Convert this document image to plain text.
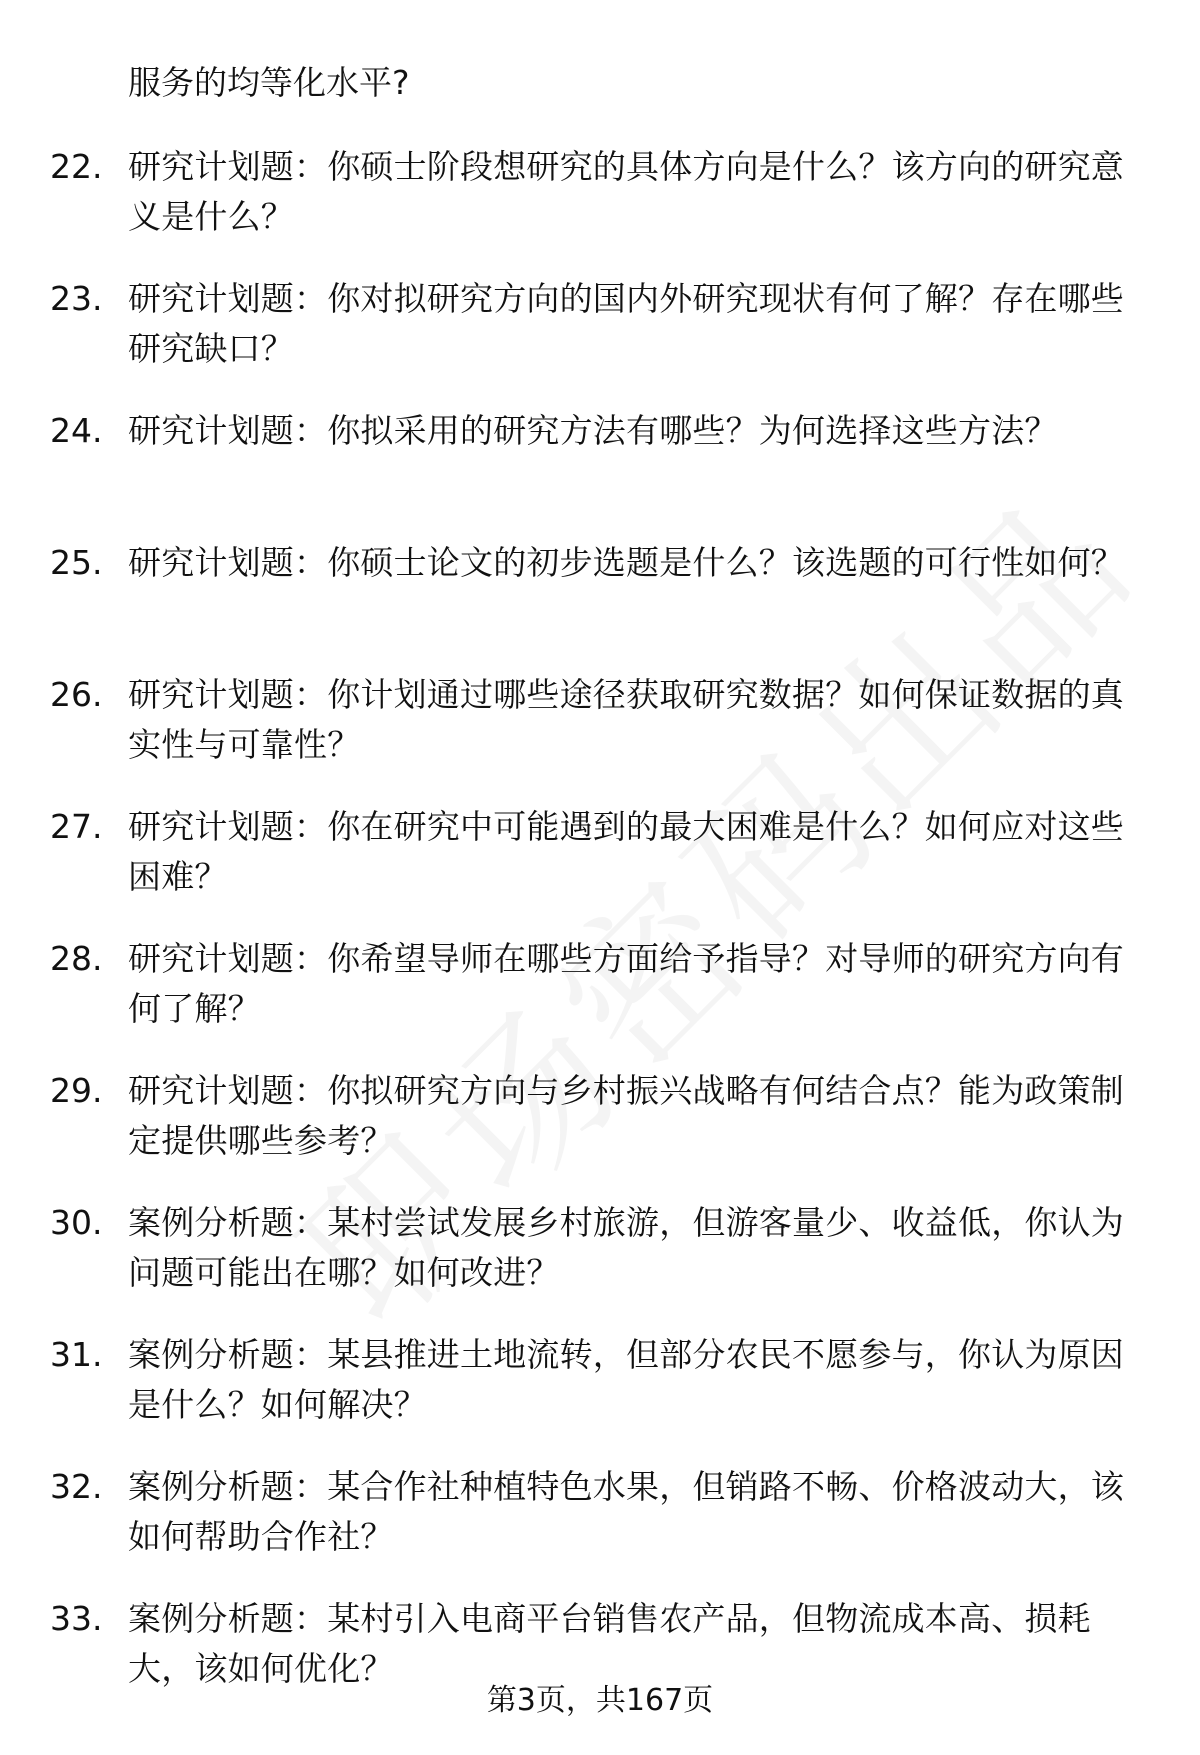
服务的均等化水平?
22. 研究计划题：你硕士阶段想研究的具体方向是什么？该方向的研究意义是什么？
23. 研究计划题：你对拟研究方向的国内外研究现状有何了解？存在哪些研究缺口？
24. 研究计划题：你拟采用的研究方法有哪些？为何选择这些方法？
25. 研究计划题：你硕士论文的初步选题是什么？该选题的可行性如何？
26. 研究计划题：你计划通过哪些途径获取研究数据？如何保证数据的真实性与可靠性？
27. 研究计划题：你在研究中可能遇到的最大困难是什么？如何应对这些困难？
28. 研究计划题：你希望导师在哪些方面给予指导？对导师的研究方向有何了解？
29. 研究计划题：你拟研究方向与乡村振兴战略有何结合点？能为政策制定提供哪些参考？
30. 案例分析题：某村尝试发展乡村旅游，但游客量少、收益低，你认为问题可能出在哪？如何改进？
31. 案例分析题：某县推进土地流转，但部分农民不愿参与，你认为原因是什么？如何解决？
32. 案例分析题：某合作社种植特色水果，但销路不畅、价格波动大，该如何帮助合作社？
33. 案例分析题：某村引入电商平台销售农产品，但物流成本高、损耗大，该如何优化？
第3页，共167页
